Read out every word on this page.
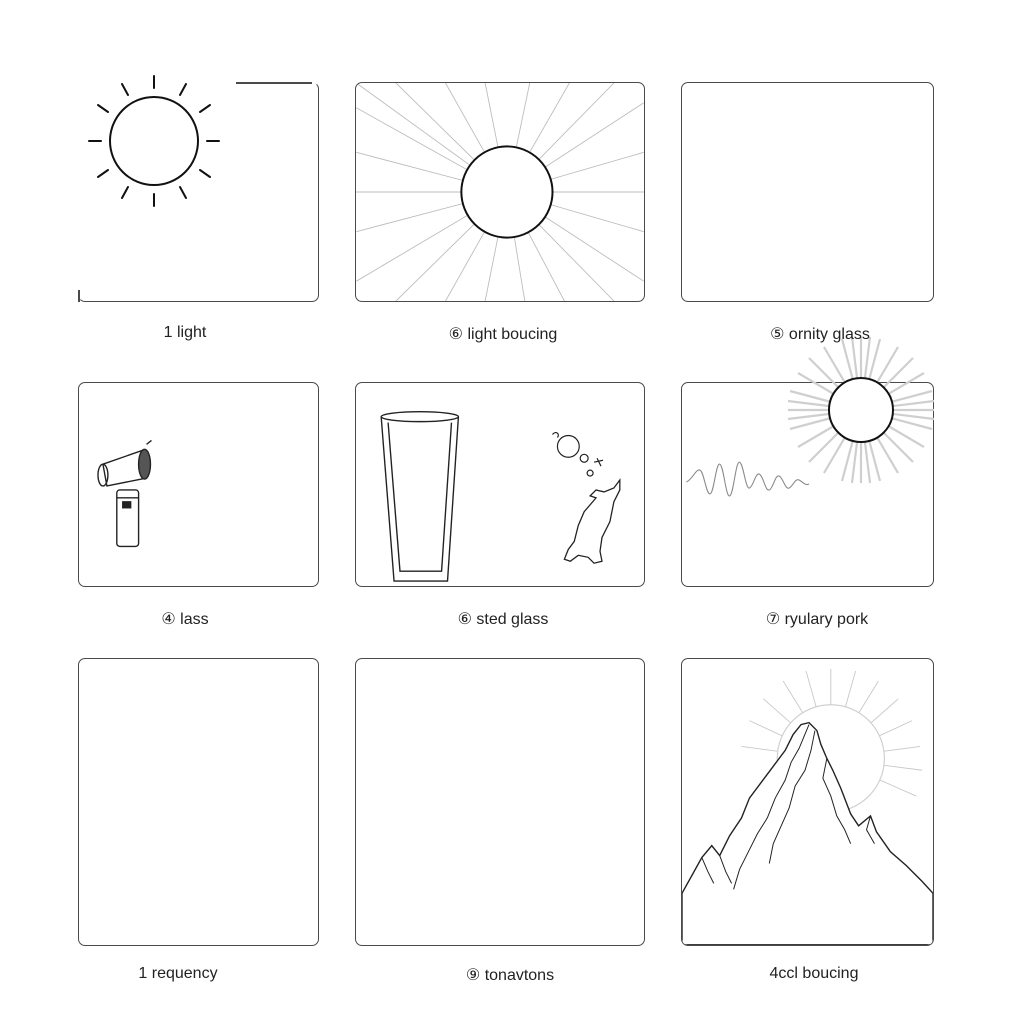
1 light	⑥ light boucing	⑤ ornity glass
④ lass	⑥ sted glass	⑦ ryulary pork
1 requency	⑨ tonavtons	4ccl boucing
